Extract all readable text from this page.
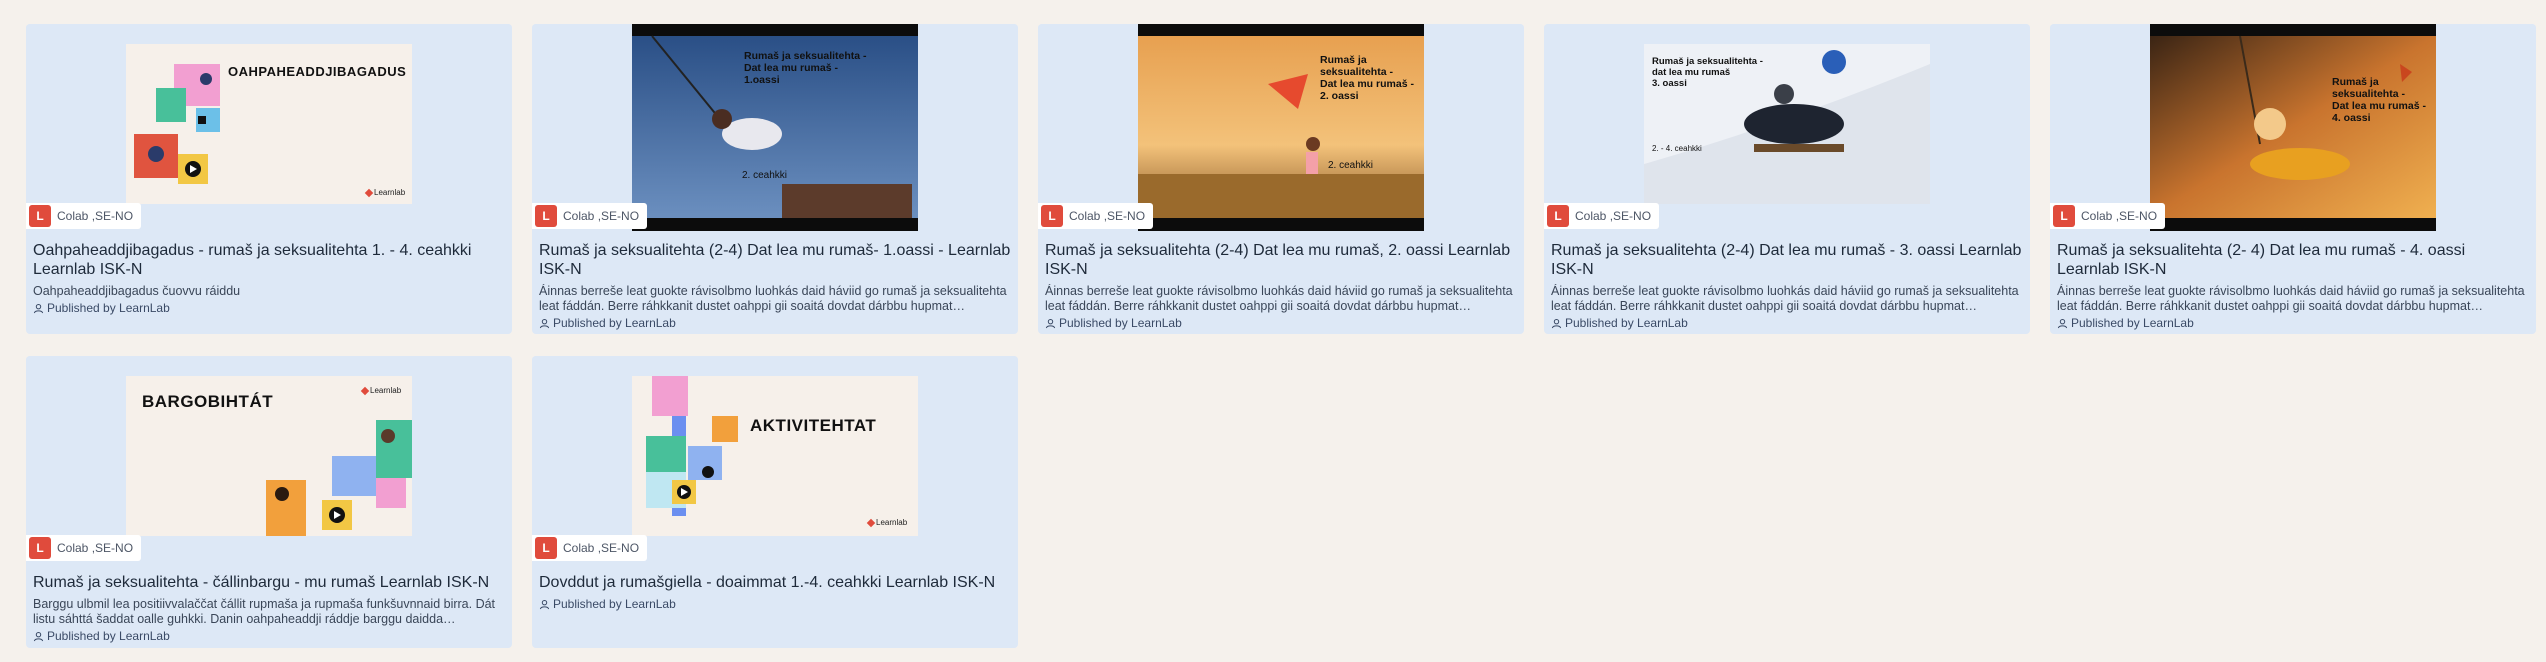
OAHPAHEADDJIBAGADUS
Learnlab
L	Colab ,SE-NO
Oahpaheaddjibagadus - rumaš ja seksualitehta 1. - 4. ceahkki Learnlab ISK-N
Oahpaheaddjibagadus čuovvu ráiddu
Published by LearnLab
Rumaš ja seksualitehta -
Dat lea mu rumaš -
1.oassi
2. ceahkki
L	Colab ,SE-NO
Rumaš ja seksualitehta (2-4) Dat lea mu rumaš- 1.oassi - Learnlab ISK-N
Áinnas berreše leat guokte rávisolbmo luohkás daid háviid go rumaš ja seksualitehta leat fáddán. Berre ráhkkanit dustet oahppi gii soaitá dovdat dárbbu hupmat
Published by LearnLab
Rumaš ja seksualitehta -
Dat lea mu rumaš -
2. oassi
2. ceahkki
L	Colab ,SE-NO
Rumaš ja seksualitehta (2-4) Dat lea mu rumaš, 2. oassi Learnlab ISK-N
Áinnas berreše leat guokte rávisolbmo luohkás daid háviid go rumaš ja seksualitehta leat fáddán. Berre ráhkkanit dustet oahppi gii soaitá dovdat dárbbu hupmat
Published by LearnLab
Rumaš ja seksualitehta -
dat lea mu rumaš
3. oassi
2. - 4. ceahkki
L	Colab ,SE-NO
Rumaš ja seksualitehta (2-4) Dat lea mu rumaš - 3. oassi Learnlab ISK-N
Áinnas berreše leat guokte rávisolbmo luohkás daid háviid go rumaš ja seksualitehta leat fáddán. Berre ráhkkanit dustet oahppi gii soaitá dovdat dárbbu hupmat
Published by LearnLab
Rumaš ja seksualitehta -
Dat lea mu rumaš -
4. oassi
L	Colab ,SE-NO
Rumaš ja seksualitehta (2- 4) Dat lea mu rumaš - 4. oassi Learnlab ISK-N
Áinnas berreše leat guokte rávisolbmo luohkás daid háviid go rumaš ja seksualitehta leat fáddán. Berre ráhkkanit dustet oahppi gii soaitá dovdat dárbbu hupmat
Published by LearnLab
BARGOBIHTÁT
Learnlab
L	Colab ,SE-NO
Rumaš ja seksualitehta - čállinbargu - mu rumaš Learnlab ISK-N
Barggu ulbmil lea positiivvalaččat čállit rupmaša ja rupmaša funkšuvnnaid birra. Dát listu sáhttá šaddat oalle guhkki. Danin oahpaheaddji ráddje barggu daidda
Published by LearnLab
AKTIVITEHTAT
Learnlab
L	Colab ,SE-NO
Dovddut ja rumašgiella - doaimmat 1.-4. ceahkki Learnlab ISK-N
Published by LearnLab
